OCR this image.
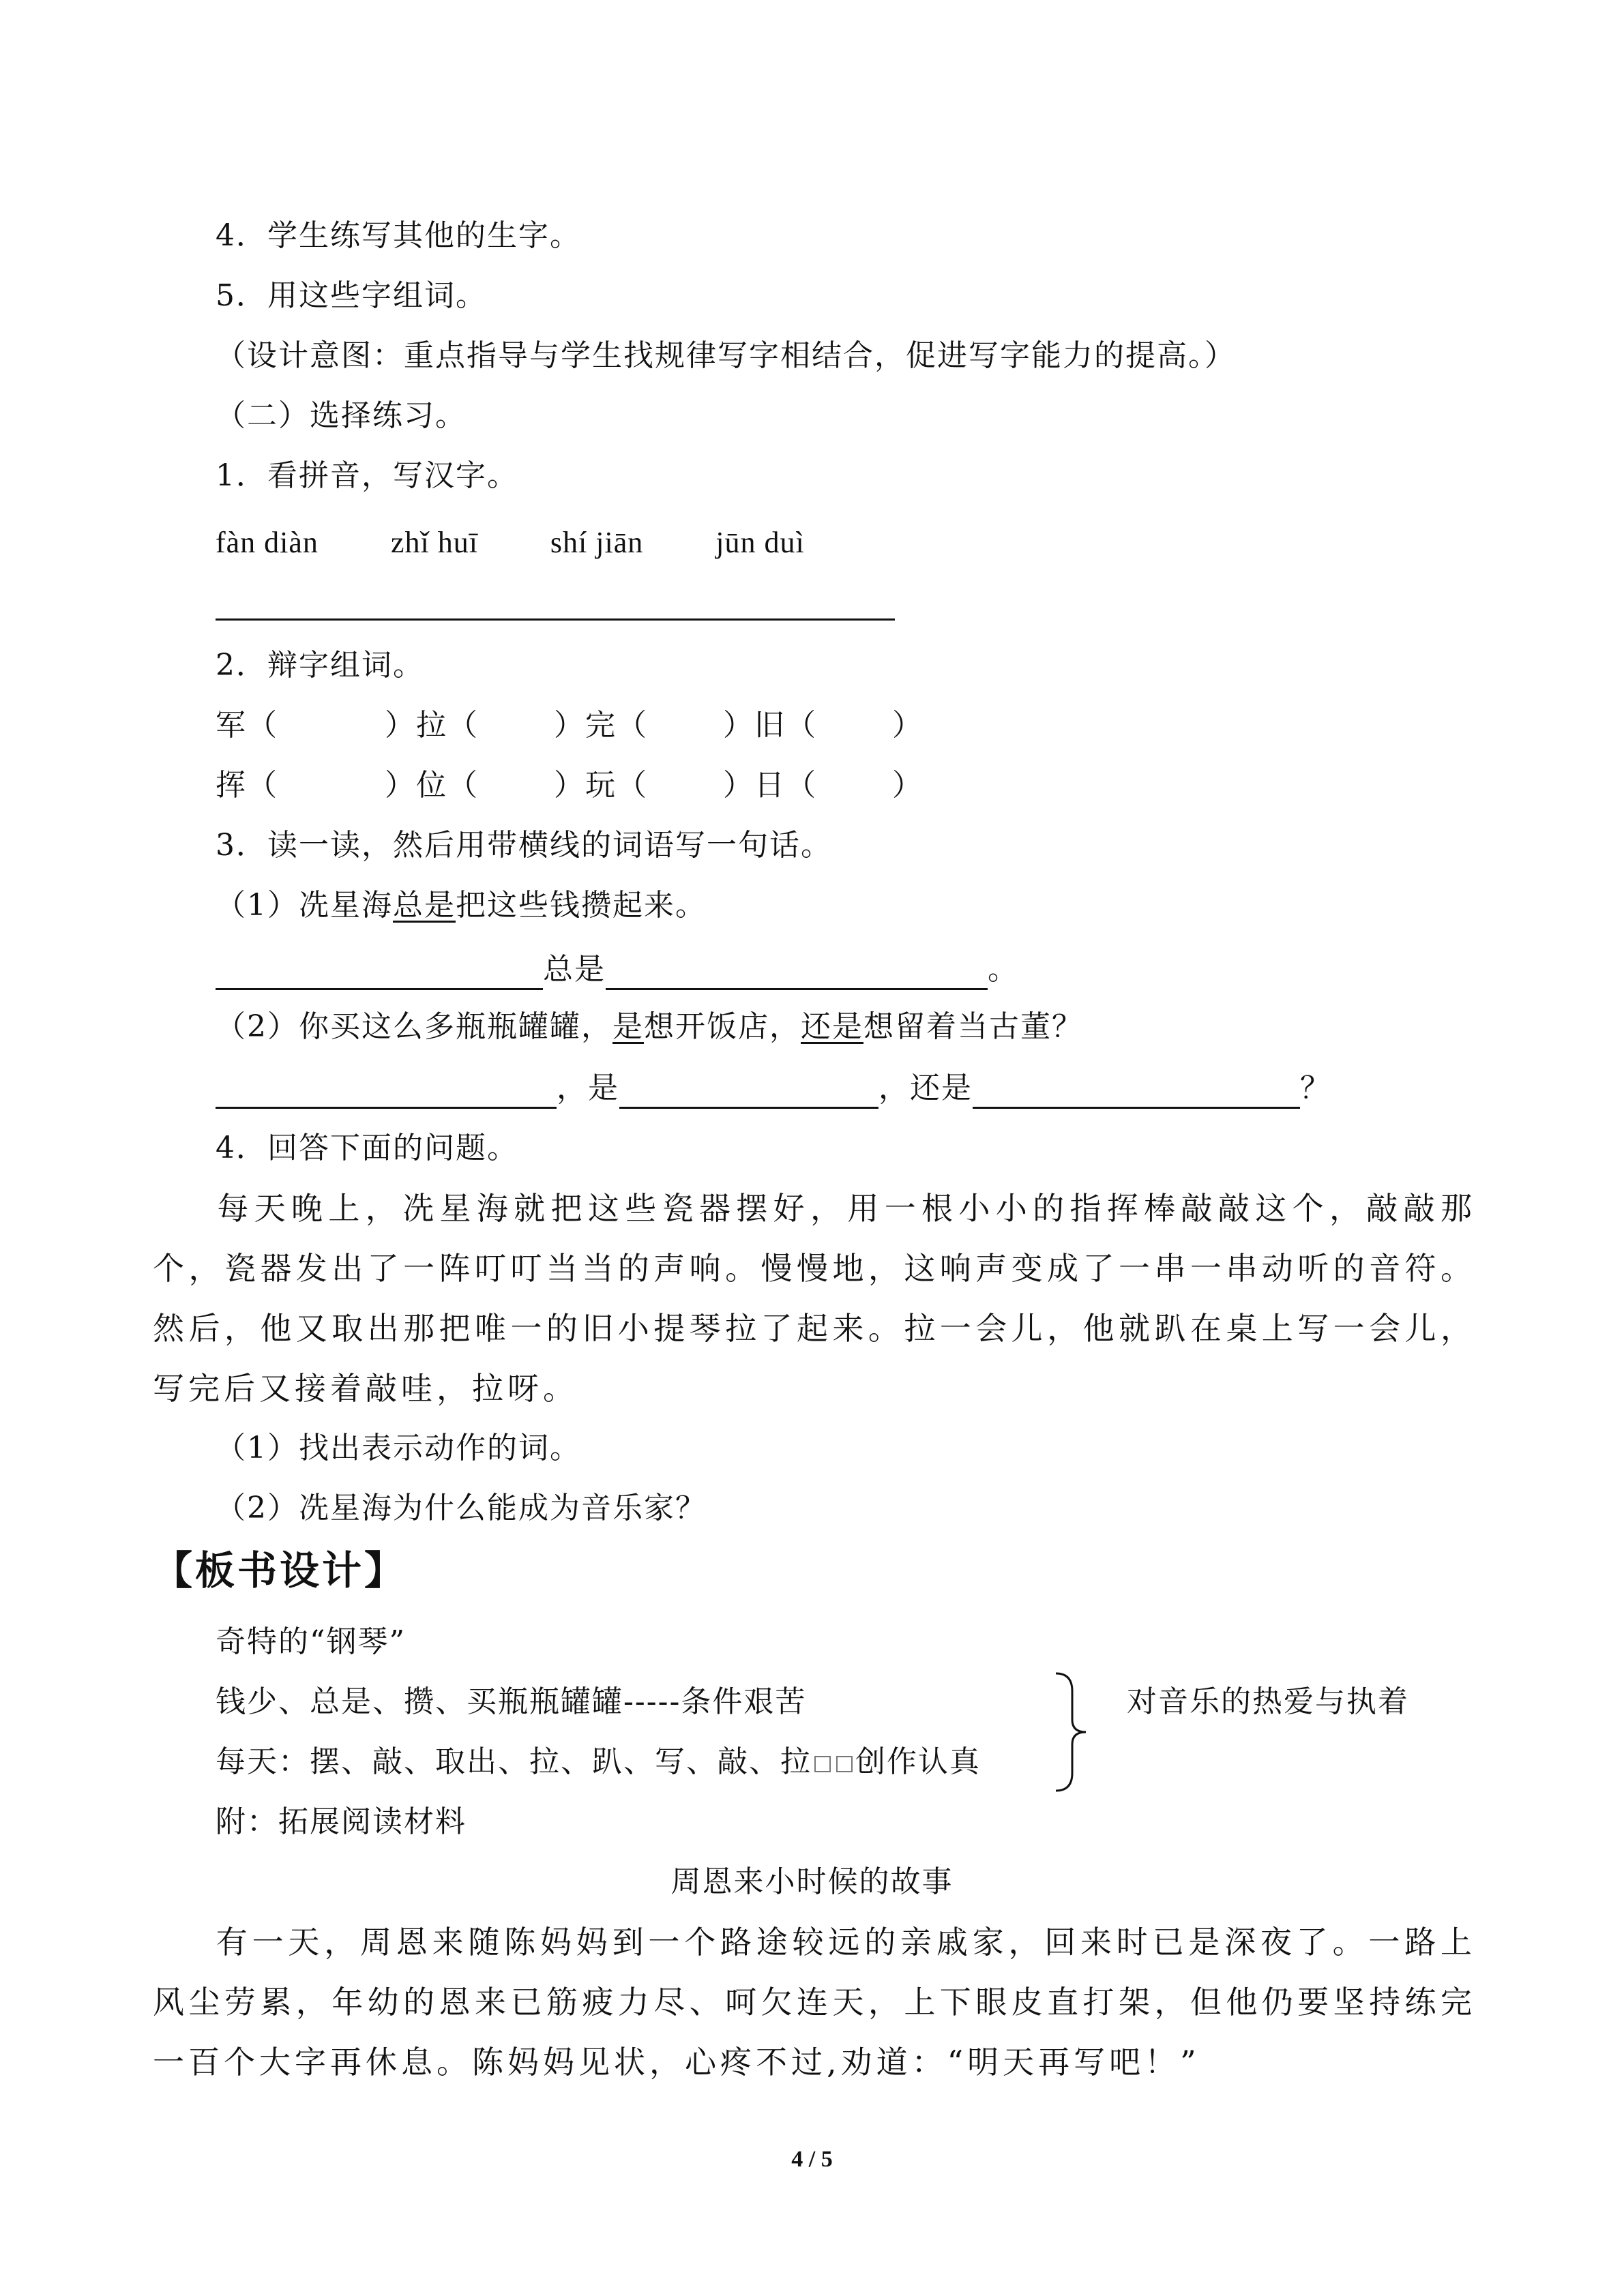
4．学生练写其他的生字。
5．用这些字组词。
（设计意图：重点指导与学生找规律写字相结合，促进写字能力的提高。）
（二）选择练习。
1．看拼音，写汉字。
fàn diàn zhǐ huī shí jiān jūn duì
2．辩字组词。
军（	）拉（	）完（	）旧（	）
挥（	）位（	）玩（	）日（	）
3．读一读，然后用带横线的词语写一句话。
（1）冼星海总是把这些钱攒起来。
总是	。
（2）你买这么多瓶瓶罐罐，是想开饭店，还是想留着当古董？
，是	，还是	？
4．回答下面的问题。
每天晚上，冼星海就把这些瓷器摆好，用一根小小的指挥棒敲敲这个，敲敲那个，瓷器发出了一阵叮叮当当的声响。慢慢地，这响声变成了一串一串动听的音符。然后，他又取出那把唯一的旧小提琴拉了起来。拉一会儿，他就趴在桌上写一会儿，写完后又接着敲哇，拉呀。
（1）找出表示动作的词。
（2）冼星海为什么能成为音乐家？
【板书设计】
奇特的“钢琴”
钱少、总是、攒、买瓶瓶罐罐-----条件艰苦
每天：摆、敲、取出、拉、趴、写、敲、拉 创作认真
对音乐的热爱与执着
附：拓展阅读材料
周恩来小时候的故事
有一天，周恩来随陈妈妈到一个路途较远的亲戚家，回来时已是深夜了。一路上风尘劳累，年幼的恩来已筋疲力尽、呵欠连天，上下眼皮直打架，但他仍要坚持练完一百个大字再休息。陈妈妈见状，心疼不过,劝道：“明天再写吧！”
4 / 5
